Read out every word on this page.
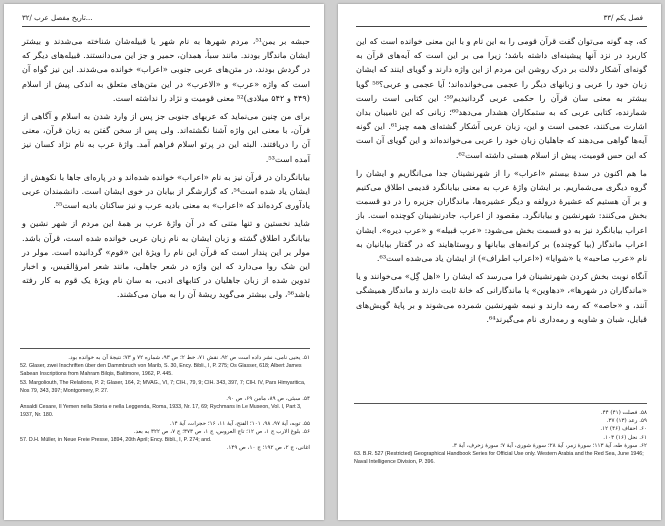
۳۲/ تاریخ مفصل عرب...

حبشه بر یمن⁵¹، مردم شهرها به نام شهر یا قبیله‌شان شناخته می‌شدند و بیشتر ایشان ماندگار بودند. مانند سبأ، همدان، حمیر و جز این می‌دانستند. قبیله‌های دیگر که در گردش بودند، در متن‌های عربی جنوبی «اعراب» خوانده می‌شدند. این نیز گواه آن است که واژه «عرب» و «الاعرب» در این متن‌های متعلق به اندکی پیش از اسلام (۴۴۹ و ۵۴۲ میلادی)⁵² معنی قومیت و نژاد را نداشته است.

برای من چنین می‌نماید که عربهای جنوبی جز پس از وارد شدن به اسلام و آگاهی از قرآن، با معنی این واژه آشنا نگشته‌اند. ولی پس از سخن گفتن به زبان قرآن، معنی آن را دریافتند. البته این در پرتو اسلام فراهم آمد. واژهٔ عرب به نام نژاد کسان نیز آمده است⁵³.

بیابانگردان در قرآن نیز به نام «اعراب» خوانده شده‌اند و در پاره‌ای جاها با نکوهش از ایشان یاد شده است⁵⁴، که گزارشگر از بیابان در خوی ایشان است. دانشمندان عربی یادآوری کرده‌اند که «اعراب» به معنی بادیه عرب و نیز ساکنان بادیه است⁵⁵.

شاید نخستین و تنها متنی که در آن واژهٔ عرب بر همهٔ این مردم از شهر نشین و بیابانگرد اطلاق گشته و زبان ایشان به نام زبان عربی خوانده شده است، قرآن باشد. مولر بر این پندار است که قرآن این نام را ویژهٔ این «قوم» گردانیده است. مولر در این شک روا می‌دارد که این واژه در شعر جاهلی، مانند شعر امرؤالقیس، و اخبار تدوین شده از زبان جاهلیان در کتابهای ادبی، به سان نام ویژهٔ یک قوم به کار رفته باشد⁵⁶، ولی بیشتر می‌گوید ریشهٔ آن را به میان می‌کشند.

۵۱. یحیی نامی، نشر داده است ص ۹۲، نقش ۷۱، خط ۲؛ ص ۹۳، شماره ۷۲ و ۷۳؛ نتیجهٔ آن به خوانده بود.
52. Glaser, zwei Inschriften über den Dammbruch von Marib, S. 30, Ency. Bibli., I, P. 275; Os Glasser, 618; Albert James Sabean Inscriptions from Mahram Bilqis, Baltimore, 1962, P. 445.
53. Margoliouth, The Relations, P. 2; Glaser, 164, 2; MVAG., VI, 7; CIH., 79, 9; CIH. 343, 397, 7; CIH. IV, Pars Himyaritica, Nos 79, 343, 397; Montgomery, P. 27.
۵۴. سبئی، ص ۸۹، مامن ۶۹، ص ۹۰.
Ansaldi Cesare, Il Yemen nella Storia e nella Leggenda, Roma, 1933, Nr. 17, 69; Rychmans in Le Museon, Vol. I, Part 3, 1937, Nr. 180.
۵۵. توبه، آیهٔ ۹۷، ۹۸، ۱۰۱؛ الفتح، آیهٔ ۱۱، ۱۶؛ حجرات، آیهٔ ۱۴.
۵۶. بلوغ الارب ج ۱، ص ۱۲؛ تاج العروس، ج ۱، ص ۳۷۳؛ ج ۷، ص ۳۲۲ به بعد.
57. D.H. Müller, in Neue Freie Presse, 1894, 20th April; Ency. Bibli., I, P. 274; and.
اغانی، ج ۲، ص ۱۹۲؛ ج ۱۰، ص ۱۴۹.
فصل یکم /۳۳

که، چه گونه می‌توان گفت قرآن قومی را به این نام و با این معنی خوانده است که این کاربرد در نزد آنها پیشینه‌ای داشته باشد؛ زیرا می‌ بر این است که آیه‌های قرآن به گونه‌ای آشکار دلالت بر درک روشن این مردم از این واژه دارند و گویای اینند که ایشان زبان خود را عربی و زبانهای دیگر را عجمی می‌خوانده‌اند؛ آیا عجمی و عربی؟⁵⁸ گویا بیشتر به معنی سان قرآن را حکمی عربی گردانیدیم⁵⁹؛ این کتابی است راست شمارنده، کتابی عربی که به ستمکاران هشدار می‌دهد⁶⁰؛ زبانی که این تامیبان بدان اشارت می‌کنند، عجمی است و این، زبان عربی آشکار گشته‌ای همه چیز⁶¹. این گونه آیه‌ها گواهی می‌دهند که جاهلیان زبان خود را عربی می‌خوانده‌اند و این گویای آن است که این حس قومیت، پیش از اسلام هستی داشته است⁶².

ما هم اکنون در سدهٔ بیستم «اعراب» را از شهرنشینان جدا می‌انگاریم و ایشان را گروه دیگری می‌شماریم. بر ایشان واژهٔ عرب به معنی بیابانگرد قدیمی اطلاق می‌کنیم و بر آن هستیم که عشیرهٔ درولفه و دیگر عشیره‌ها، ماندگاران جزیره را در دو قسمت بخش می‌کنند: شهرنشین و بیابانگرد. مقصود از اعراب، جادرنشینان کوچنده است. باز اعراب بیابانگرد نیز به دو قسمت بخش می‌شود: «عرب قبیله» و «عرب دیره». ایشان اعراب ماندگار (بیا کوچنده) بر کرانه‌های بیابانها و روستاهایند که در گفتار بیابانیان به نام «عرب صاحبه» یا «شوایا» («اعراب اطراف») از ایشان یاد می‌شده است⁶³.

آنگاه نوبت بخش کردن شهرنشینان فرا می‌رسد که ایشان را «اهل گِل» می‌خوانند و یا «ماندگاران در شهرها»، «دهاوین» یا ماندگارانی که خانهٔ ثابت دارند و ماندگار همیشگی آنند، و «حاصه» که رمه دارند و نیمه شهرنشین شمرده می‌شوند و بر پایهٔ گویش‌های قبایل، شبان و شاویه و رمه‌داری نام می‌گیرند⁶⁴.

۵۸. فصلت (۴۱) ۴۴.
۵۹. رعد (۱۳) ۳۷.
۶۰. احقاف (۴۶) ۱۲.
۶۱. نحل (۱۶) ۱۰۳.
۶۲. سورهٔ طه، آیهٔ ۱۱۳؛ سورهٔ زمر، آیهٔ ۲۸؛ سورهٔ شوری، آیهٔ ۷؛ سورهٔ زخرف، آیهٔ ۳.
63. B.R. 527 (Restricted) Geographical Handbook Series for Official Use only. Western Arabia and the Red Sea, June 1946; Naval Intelligence Division, P. 396.
